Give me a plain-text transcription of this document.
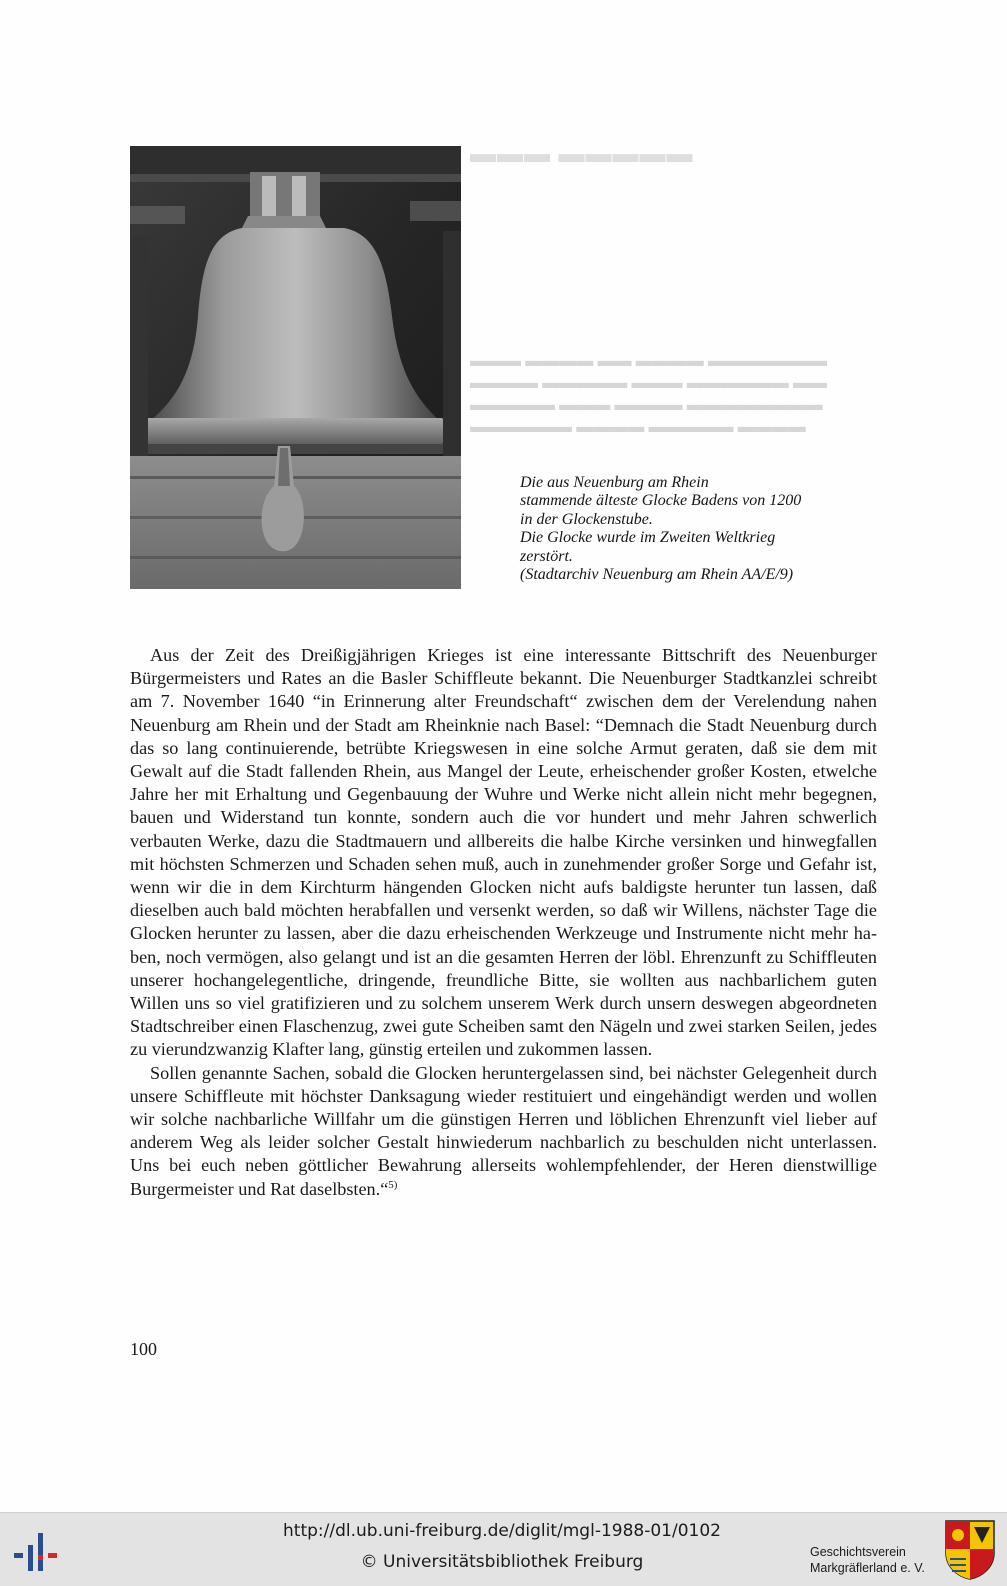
▬▬▬ ▬▬▬▬▬
▬▬▬ ▬▬▬▬ ▬▬ ▬▬▬▬ ▬▬▬▬▬▬▬
▬▬▬▬ ▬▬▬▬▬ ▬▬▬ ▬▬▬▬▬▬ ▬▬
▬▬▬▬▬ ▬▬▬ ▬▬▬▬ ▬▬▬▬▬▬▬▬
▬▬▬▬▬▬ ▬▬▬▬ ▬▬▬▬▬ ▬▬▬▬
Die aus Neuenburg am Rhein
stammende älteste Glocke Badens von 1200
in der Glockenstube.
Die Glocke wurde im Zweiten Weltkrieg
zerstört.
(Stadtarchiv Neuenburg am Rhein AA/E/9)

Aus der Zeit des Dreißigjährigen Krieges ist eine interessante Bittschrift des Neuenburger Bürgermeisters und Rates an die Basler Schiffleute bekannt. Die Neuenburger Stadtkanzlei schreibt am 7. November 1640 “in Erinnerung alter Freundschaft“ zwischen dem der Verelendung nahen Neuenburg am Rhein und der Stadt am Rheinknie nach Basel: “Demnach die Stadt Neuenburg durch das so lang continuierende, betrübte Kriegswesen in eine solche Armut geraten, daß sie dem mit Gewalt auf die Stadt fallenden Rhein, aus Mangel der Leute, erheischender großer Kosten, etwelche Jahre her mit Erhaltung und Gegenbauung der Wuhre und Werke nicht allein nicht mehr begegnen, bauen und Widerstand tun konnte, sondern auch die vor hundert und mehr Jahren schwerlich verbauten Werke, dazu die Stadtmauern und allbereits die halbe Kirche versinken und hinwegfallen mit höchsten Schmerzen und Schaden sehen muß, auch in zunehmender großer Sorge und Gefahr ist, wenn wir die in dem Kirchturm hängenden Glocken nicht aufs baldigste herunter tun lassen, daß dieselben auch bald möchten herabfallen und versenkt werden, so daß wir Willens, nächster Tage die Glocken herunter zu lassen, aber die dazu erheischenden Werkzeuge und Instrumente nicht mehr haben, noch vermögen, also gelangt und ist an die gesamten Herren der löbl. Ehrenzunft zu Schiffleuten unserer hochangelegentliche, dringende, freundliche Bitte, sie wollten aus nachbarlichem guten Willen uns so viel gratifizieren und zu solchem unserem Werk durch unsern deswegen abgeordneten Stadtschreiber einen Flaschenzug, zwei gute Scheiben samt den Nägeln und zwei starken Seilen, jedes zu vierundzwanzig Klafter lang, günstig erteilen und zukommen lassen.

Sollen genannte Sachen, sobald die Glocken heruntergelassen sind, bei nächster Gelegenheit durch unsere Schiffleute mit höchster Danksagung wieder restituiert und eingehändigt werden und wollen wir solche nachbarliche Willfahr um die günstigen Herren und löblichen Ehrenzunft viel lieber auf anderem Weg als leider solcher Gestalt hinwiederum nachbarlich zu beschulden nicht unterlassen. Uns bei euch neben göttlicher Bewahrung allerseits wohlempfehlender, der Heren dienstwillige Burgermeister und Rat daselbsten.“$^{5)}$

100
http://dl.ub.uni-freiburg.de/diglit/mgl-1988-01/0102
© Universitätsbibliothek Freiburg	Geschichtsverein
Markgräflerland e. V.
